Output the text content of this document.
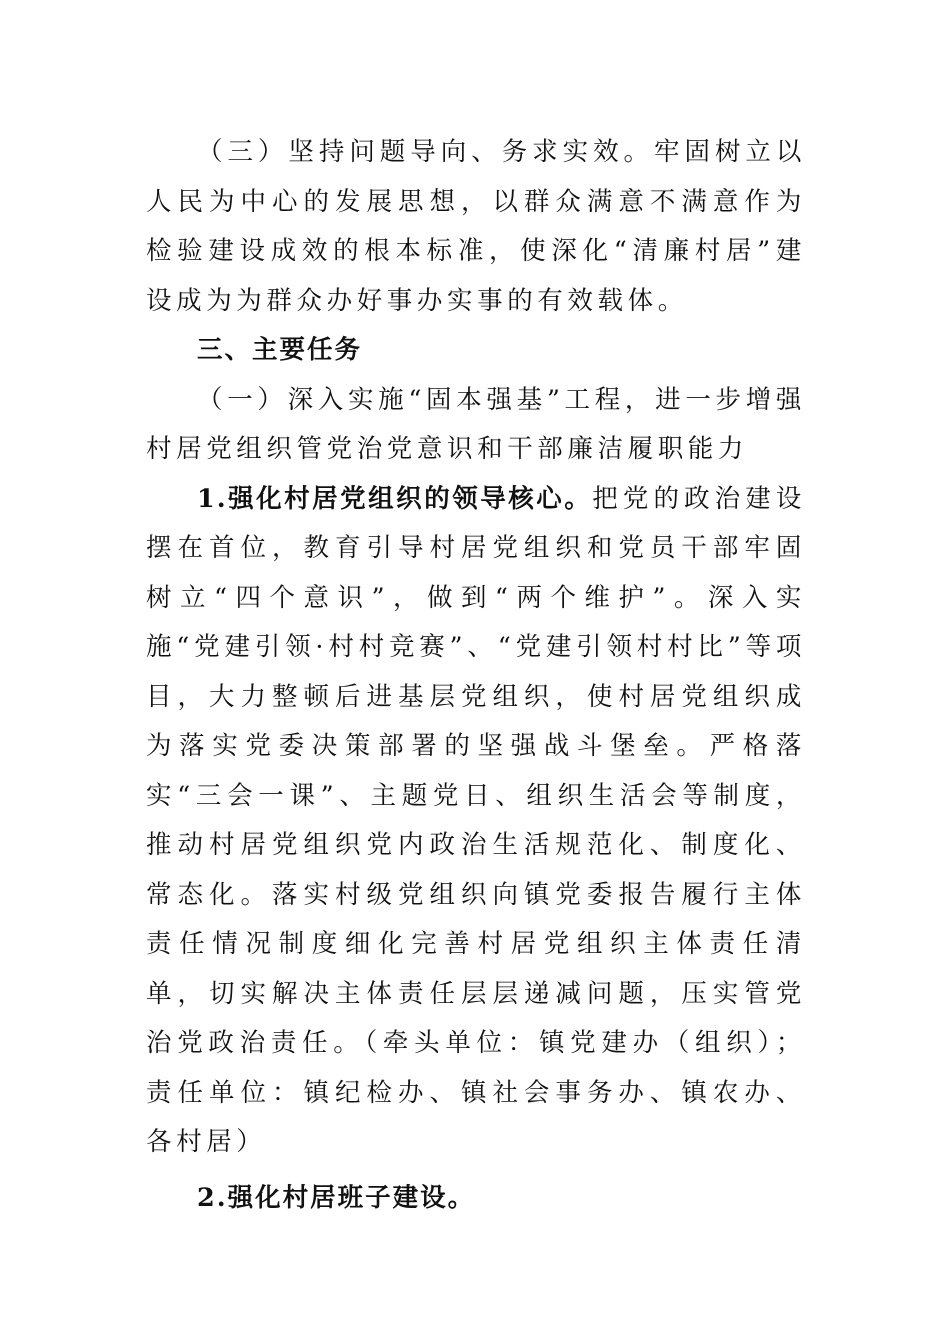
（三）坚持问题导向、务求实效。牢固树立以人民为中心的发展思想，以群众满意不满意作为检验建设成效的根本标准，使深化“清廉村居”建设成为为群众办好事办实事的有效载体。

三、主要任务

（一）深入实施“固本强基”工程，进一步增强村居党组织管党治党意识和干部廉洁履职能力

1.强化村居党组织的领导核心。把党的政治建设摆在首位，教育引导村居党组织和党员干部牢固树立“四个意识”，做到“两个维护”。深入实施“党建引领·村村竞赛”、“党建引领村村比”等项目，大力整顿后进基层党组织，使村居党组织成为落实党委决策部署的坚强战斗堡垒。严格落实“三会一课”、主题党日、组织生活会等制度，推动村居党组织党内政治生活规范化、制度化、常态化。落实村级党组织向镇党委报告履行主体责任情况制度细化完善村居党组织主体责任清单，切实解决主体责任层层递减问题，压实管党治党政治责任。（牵头单位：镇党建办（组织）；责任单位：镇纪检办、镇社会事务办、镇农办、各村居）

2.强化村居班子建设。
